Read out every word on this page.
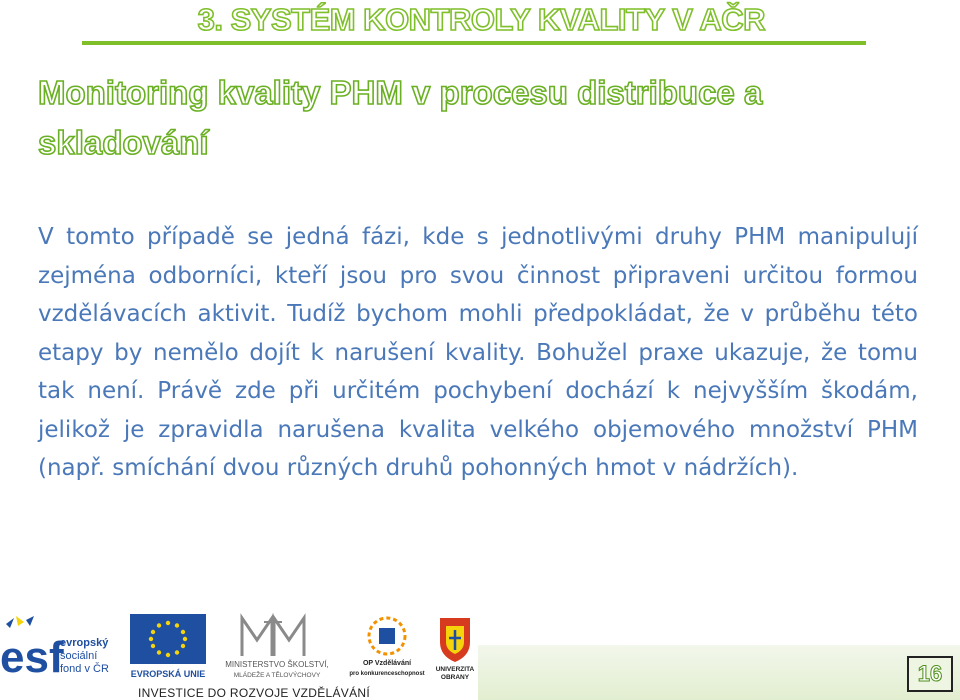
3. SYSTÉM KONTROLY KVALITY V AČR
Monitoring kvality PHM v procesu distribuce a skladování

V tomto případě se jedná fázi, kde s jednotlivými druhy PHM manipulují zejména odborníci, kteří jsou pro svou činnost připraveni určitou formou vzdělávacích aktivit. Tudíž bychom mohli předpokládat, že v průběhu této etapy by nemělo dojít k narušení kvality. Bohužel praxe ukazuje, že tomu tak není. Právě zde při určitém pochybení dochází k nejvyšším škodám, jelikož je zpravidla narušena kvalita velkého objemového množství PHM (např. smíchání dvou různých druhů pohonných hmot v nádržích).

esf
evropský
sociální
fond v ČR EVROPSKÁ UNIE
MINISTERSTVO ŠKOLSTVÍ,
MLÁDEŽE A TĚLOVÝCHOVY
OP Vzdělávání
pro konkurenceschopnost
UNIVERZITA
OBRANY

INVESTICE DO ROZVOJE VZDĚLÁVÁNÍ

16
